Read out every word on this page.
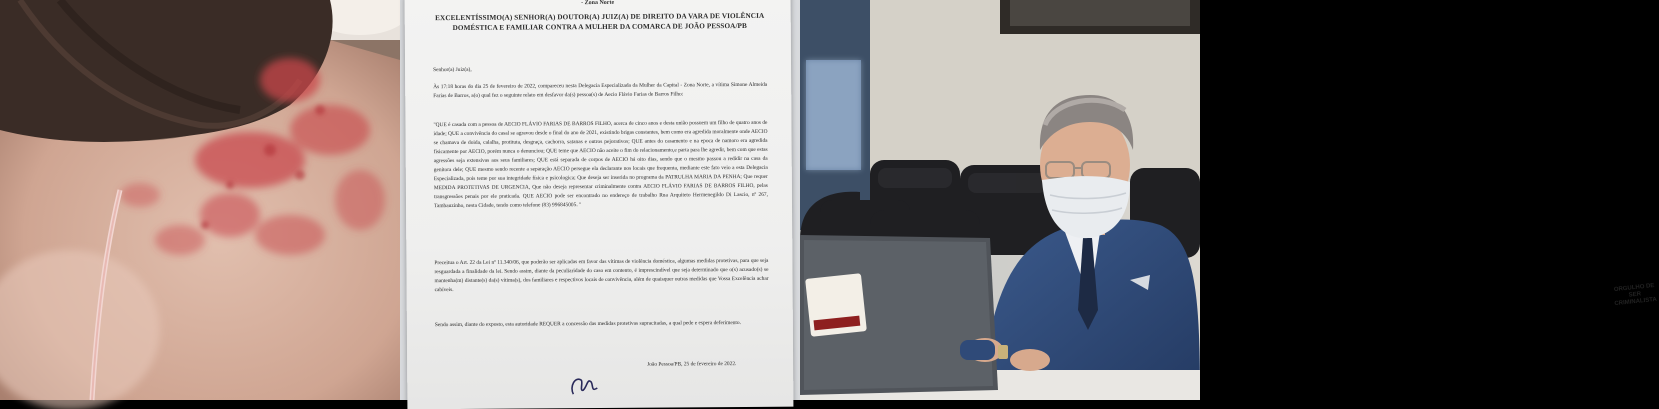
- Zona Norte
EXCELENTÍSSIMO(A) SENHOR(A) DOUTOR(A) JUIZ(A) DE DIREITO DA VARA DE VIOLÊNCIA DOMÉSTICA E FAMILIAR CONTRA A MULHER DA COMARCA DE JOÃO PESSOA/PB
Senhor(a) Juiz(a),
Às 17:18 horas do dia 25 de fevereiro de 2022, compareceu nesta Delegacia Especializada da Mulher da Capital - Zona Norte, a vítima Simone Almeida Farias de Barros, a(o) qual fez o seguinte relato em desfavor da(s) pessoa(s) de Aecio Flávio Farias de Barros Filho:
"QUE é casada com a pessoa de AECIO FLÁVIO FARIAS DE BARROS FILHO, acerca de cinco anos e desta união possuem um filho de quatro anos de idade; QUE a convivência do casal se agravou desde o final do ano de 2021, existindo brigas constantes, bem como era agredida moralmente onde AECIO se chamava de doida, calalha, protituta, desgraça, cachorra, satanas e outros pejorativos; QUE antes do casamento e na epoca de namoro era agredida fisicamente por AECIO, porém nunca o denunciou; QUE teme que AECIO não aceite o fim do relacionamento,e parta para lhe agredir, bem com que estas agressões seja extensivas aos seus familiares; QUE está separada de corpos de AECIO há oito dias, sendo que o mesmo passou a redidir na casa da genitora dele; QUE mesmo sendo recente a separação AECIO persegue ela declarante nos locais que frequenta, mediante este fato veio a esta Delegacia Especializada, pois teme por sua integridade física e psicologica; Que deseja ser inserida no programa da PATRULHA MARIA DA PENHA; Que requer MEDIDA PROTETIVAS DE URGENCIA, Que não deseja representar criminalmente contra AECIO FLÁVIO FARIAS DE BARROS FILHO, pelas transgressões penais por ele praticada. QUE AECIO pode ser encontrado no endereço de trabalho Rua Arquiteto Hermenegildo Di Lascio, nº 267, Tambauzinho, nesta Cidade, tendo como telefone (83) 996845005. "
Preceitua o Art. 22 da Lei nº 11.340/06, que poderão ser aplicadas em favor das vítimas de violência doméstica, algumas medidas protetivas, para que seja resguardada a finalidade da lei. Sendo assim, diante da peculiaridade do caso em contento, é imprescindível que seja determinado que o(s) acusado(s) se mantenha(m) distante(s) da(s) vítima(s), dos familiares e respectivos locais de convivência, além de quaisquer outras medidas que Vossa Excelência achar cabíveis.
Sendo assim, diante do exposto, esta autoridade REQUER a concessão das medidas protetivas supracitadas, a qual pede e espera deferimento.
João Pessoa/PB, 25 de fevereiro de 2022.
ORGULHO DE SER
CRIMINALISTA
